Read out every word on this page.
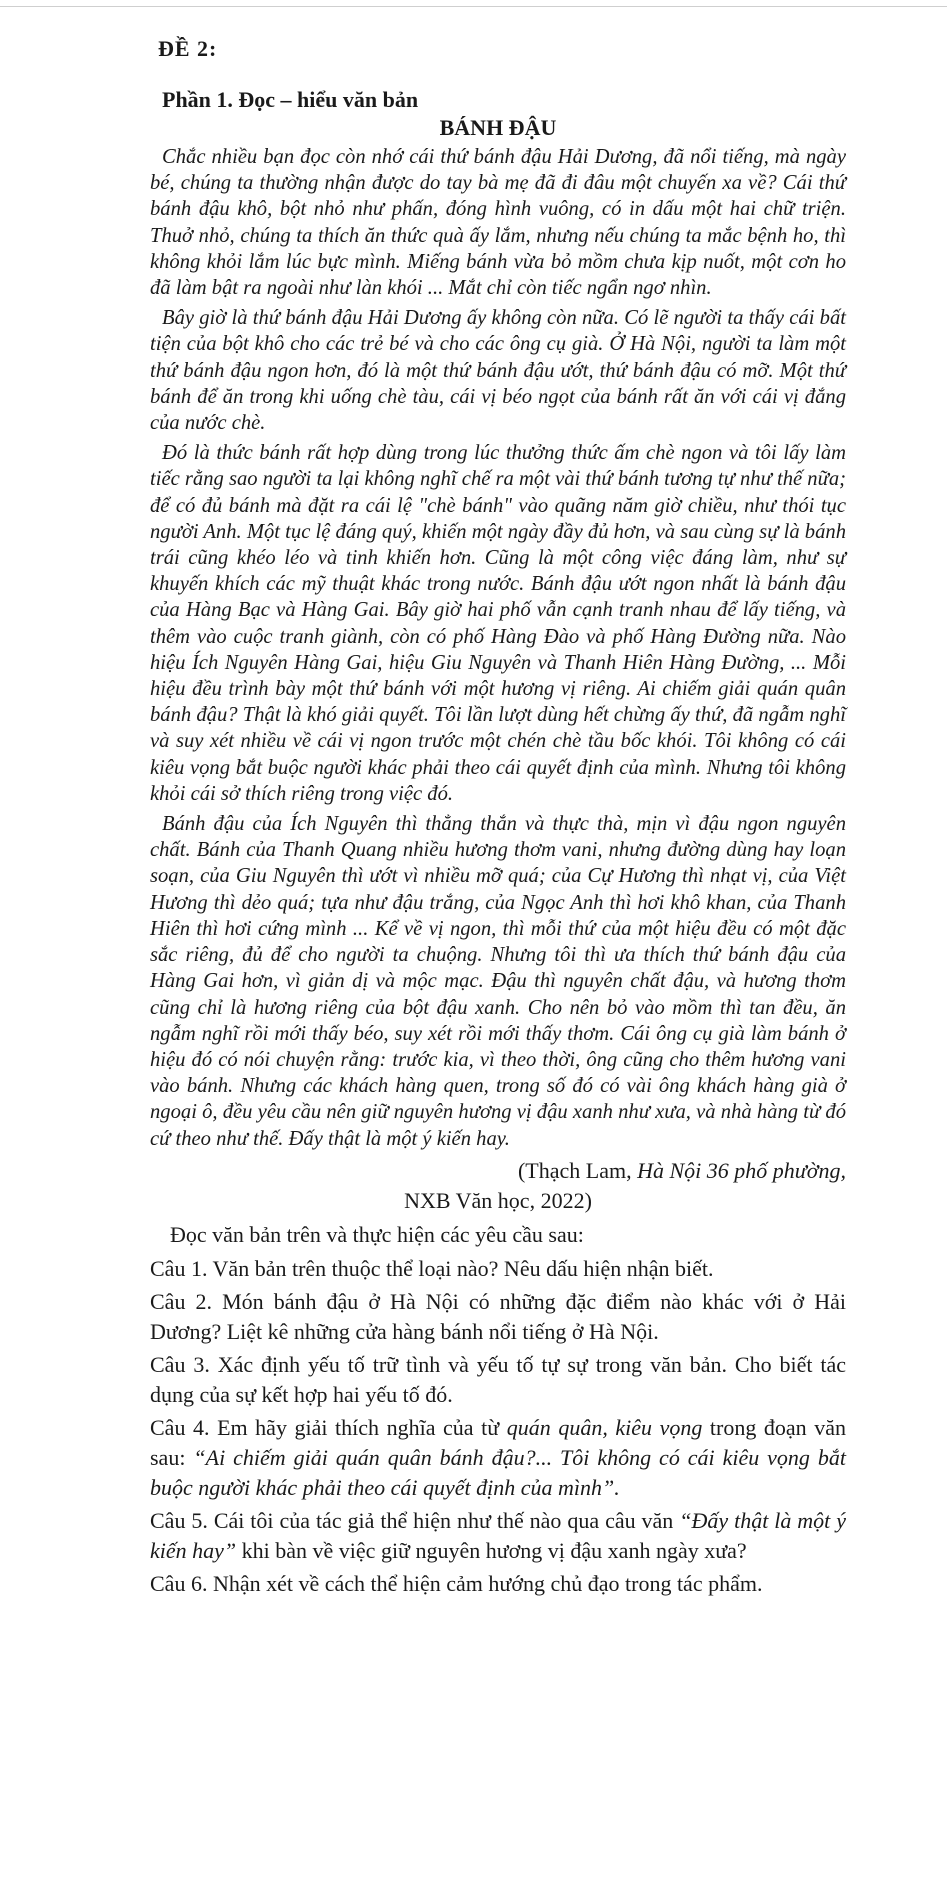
ĐỀ 2:

Phần 1. Đọc – hiểu văn bản

BÁNH ĐẬU

Chắc nhiều bạn đọc còn nhớ cái thứ bánh đậu Hải Dương, đã nổi tiếng, mà ngày bé, chúng ta thường nhận được do tay bà mẹ đã đi đâu một chuyến xa về? Cái thứ bánh đậu khô, bột nhỏ như phấn, đóng hình vuông, có in dấu một hai chữ triện. Thuở nhỏ, chúng ta thích ăn thức quà ấy lắm, nhưng nếu chúng ta mắc bệnh ho, thì không khỏi lắm lúc bực mình. Miếng bánh vừa bỏ mồm chưa kịp nuốt, một cơn ho đã làm bật ra ngoài như làn khói ... Mắt chỉ còn tiếc ngẩn ngơ nhìn.

Bây giờ là thứ bánh đậu Hải Dương ấy không còn nữa. Có lẽ người ta thấy cái bất tiện của bột khô cho các trẻ bé và cho các ông cụ già. Ở Hà Nội, người ta làm một thứ bánh đậu ngon hơn, đó là một thứ bánh đậu ướt, thứ bánh đậu có mỡ. Một thứ bánh để ăn trong khi uống chè tàu, cái vị béo ngọt của bánh rất ăn với cái vị đắng của nước chè.

Đó là thức bánh rất hợp dùng trong lúc thưởng thức ấm chè ngon và tôi lấy làm tiếc rằng sao người ta lại không nghĩ chế ra một vài thứ bánh tương tự như thế nữa; để có đủ bánh mà đặt ra cái lệ "chè bánh" vào quãng năm giờ chiều, như thói tục người Anh. Một tục lệ đáng quý, khiến một ngày đầy đủ hơn, và sau cùng sự là bánh trái cũng khéo léo và tinh khiến hơn. Cũng là một công việc đáng làm, như sự khuyến khích các mỹ thuật khác trong nước. Bánh đậu ướt ngon nhất là bánh đậu của Hàng Bạc và Hàng Gai. Bây giờ hai phố vẫn cạnh tranh nhau để lấy tiếng, và thêm vào cuộc tranh giành, còn có phố Hàng Đào và phố Hàng Đường nữa. Nào hiệu Ích Nguyên Hàng Gai, hiệu Giu Nguyên và Thanh Hiên Hàng Đường, ... Mỗi hiệu đều trình bày một thứ bánh với một hương vị riêng. Ai chiếm giải quán quân bánh đậu? Thật là khó giải quyết. Tôi lần lượt dùng hết chừng ấy thứ, đã ngẫm nghĩ và suy xét nhiều về cái vị ngon trước một chén chè tầu bốc khói. Tôi không có cái kiêu vọng bắt buộc người khác phải theo cái quyết định của mình. Nhưng tôi không khỏi cái sở thích riêng trong việc đó.

Bánh đậu của Ích Nguyên thì thẳng thắn và thực thà, mịn vì đậu ngon nguyên chất. Bánh của Thanh Quang nhiều hương thơm vani, nhưng đường dùng hay loạn soạn, của Giu Nguyên thì ướt vì nhiều mỡ quá; của Cự Hương thì nhạt vị, của Việt Hương thì dẻo quá; tựa như đậu trắng, của Ngọc Anh thì hơi khô khan, của Thanh Hiên thì hơi cứng mình ... Kể về vị ngon, thì mỗi thứ của một hiệu đều có một đặc sắc riêng, đủ để cho người ta chuộng. Nhưng tôi thì ưa thích thứ bánh đậu của Hàng Gai hơn, vì giản dị và mộc mạc. Đậu thì nguyên chất đậu, và hương thơm cũng chỉ là hương riêng của bột đậu xanh. Cho nên bỏ vào mồm thì tan đều, ăn ngẫm nghĩ rồi mới thấy béo, suy xét rồi mới thấy thơm. Cái ông cụ già làm bánh ở hiệu đó có nói chuyện rằng: trước kia, vì theo thời, ông cũng cho thêm hương vani vào bánh. Nhưng các khách hàng quen, trong số đó có vài ông khách hàng già ở ngoại ô, đều yêu cầu nên giữ nguyên hương vị đậu xanh như xưa, và nhà hàng từ đó cứ theo như thế. Đấy thật là một ý kiến hay.

(Thạch Lam, Hà Nội 36 phố phường,

NXB Văn học, 2022)

Đọc văn bản trên và thực hiện các yêu cầu sau:

Câu 1. Văn bản trên thuộc thể loại nào? Nêu dấu hiện nhận biết.

Câu 2. Món bánh đậu ở Hà Nội có những đặc điểm nào khác với ở Hải Dương? Liệt kê những cửa hàng bánh nổi tiếng ở Hà Nội.

Câu 3. Xác định yếu tố trữ tình và yếu tố tự sự trong văn bản. Cho biết tác dụng của sự kết hợp hai yếu tố đó.

Câu 4. Em hãy giải thích nghĩa của từ quán quân, kiêu vọng trong đoạn văn sau: “Ai chiếm giải quán quân bánh đậu?... Tôi không có cái kiêu vọng bắt buộc người khác phải theo cái quyết định của mình”.

Câu 5. Cái tôi của tác giả thể hiện như thế nào qua câu văn “Đấy thật là một ý kiến hay” khi bàn về việc giữ nguyên hương vị đậu xanh ngày xưa?

Câu 6. Nhận xét về cách thể hiện cảm hướng chủ đạo trong tác phẩm.
